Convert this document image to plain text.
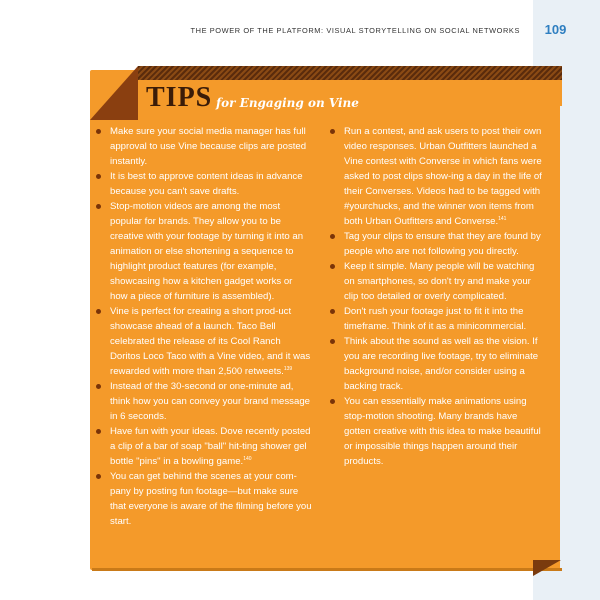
THE POWER OF THE PLATFORM: VISUAL STORYTELLING ON SOCIAL NETWORKS	109
TIPS for Engaging on Vine

Make sure your social media manager has full approval to use Vine because clips are posted instantly.

It is best to approve content ideas in advance because you can't save drafts.

Stop-motion videos are among the most popular for brands. They allow you to be creative with your footage by turning it into an animation or else shortening a sequence to highlight product features (for example, showcasing how a kitchen gadget works or how a piece of furniture is assembled).

Vine is perfect for creating a short prod-uct showcase ahead of a launch. Taco Bell celebrated the release of its Cool Ranch Doritos Loco Taco with a Vine video, and it was rewarded with more than 2,500 retweets.$^{139}$

Instead of the 30-second or one-minute ad, think how you can convey your brand message in 6 seconds.

Have fun with your ideas. Dove recently posted a clip of a bar of soap "ball" hit-ting shower gel bottle "pins" in a bowling game.$^{140}$

You can get behind the scenes at your com-pany by posting fun footage—but make sure that everyone is aware of the filming before you start.

Run a contest, and ask users to post their own video responses. Urban Outfitters launched a Vine contest with Converse in which fans were asked to post clips show-ing a day in the life of their Converses. Videos had to be tagged with #yourchucks, and the winner won items from both Urban Outfitters and Converse.$^{141}$

Tag your clips to ensure that they are found by people who are not following you directly.

Keep it simple. Many people will be watching on smartphones, so don't try and make your clip too detailed or overly complicated.

Don't rush your footage just to fit it into the timeframe. Think of it as a minicommercial.

Think about the sound as well as the vision. If you are recording live footage, try to eliminate background noise, and/or consider using a backing track.

You can essentially make animations using stop-motion shooting. Many brands have gotten creative with this idea to make beautiful or impossible things happen around their products.
